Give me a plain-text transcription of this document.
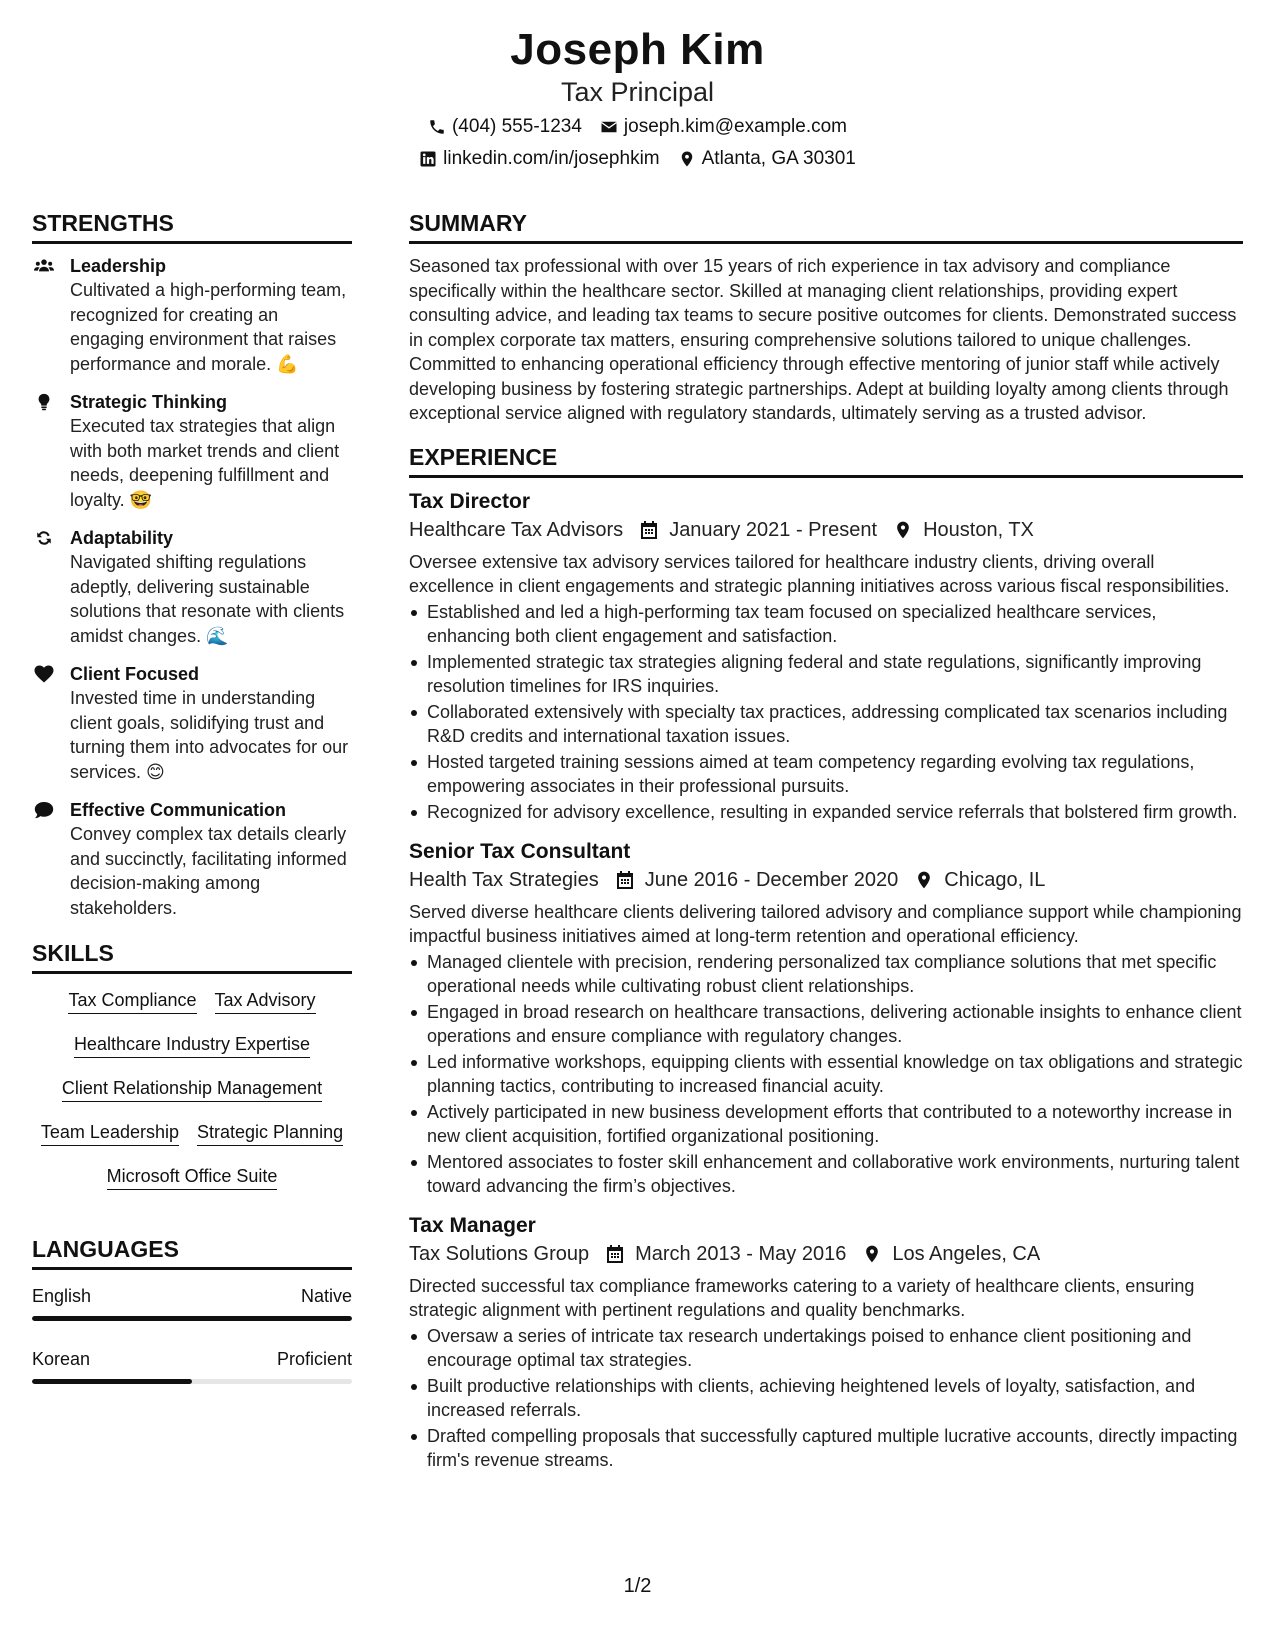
Joseph Kim
Tax Principal
(404) 555-1234 joseph.kim@example.com
linkedin.com/in/josephkim Atlanta, GA 30301
STRENGTHS
Leadership

Cultivated a high-performing team, recognized for creating an engaging environment that raises performance and morale. 💪

Strategic Thinking

Executed tax strategies that align with both market trends and client needs, deepening fulfillment and loyalty. 🤓

Adaptability

Navigated shifting regulations adeptly, delivering sustainable solutions that resonate with clients amidst changes. 🌊

Client Focused

Invested time in understanding client goals, solidifying trust and turning them into advocates for our services. 😊

Effective Communication

Convey complex tax details clearly and succinctly, facilitating informed decision-making among stakeholders.

SKILLS
Tax Compliance Tax Advisory
Healthcare Industry Expertise
Client Relationship Management
Team Leadership Strategic Planning
Microsoft Office Suite
LANGUAGES
English	Native
Korean	Proficient
SUMMARY

Seasoned tax professional with over 15 years of rich experience in tax advisory and compliance specifically within the healthcare sector. Skilled at managing client relationships, providing expert consulting advice, and leading tax teams to secure positive outcomes for clients. Demonstrated success in complex corporate tax matters, ensuring comprehensive solutions tailored to unique challenges. Committed to enhancing operational efficiency through effective mentoring of junior staff while actively developing business by fostering strategic partnerships. Adept at building loyalty among clients through exceptional service aligned with regulatory standards, ultimately serving as a trusted advisor.

EXPERIENCE
Tax Director
Healthcare Tax Advisors January 2021 - Present Houston, TX

Oversee extensive tax advisory services tailored for healthcare industry clients, driving overall excellence in client engagements and strategic planning initiatives across various fiscal responsibilities.

Established and led a high-performing tax team focused on specialized healthcare services, enhancing both client engagement and satisfaction.
Implemented strategic tax strategies aligning federal and state regulations, significantly improving resolution timelines for IRS inquiries.
Collaborated extensively with specialty tax practices, addressing complicated tax scenarios including R&D credits and international taxation issues.
Hosted targeted training sessions aimed at team competency regarding evolving tax regulations, empowering associates in their professional pursuits.
Recognized for advisory excellence, resulting in expanded service referrals that bolstered firm growth.
Senior Tax Consultant
Health Tax Strategies June 2016 - December 2020 Chicago, IL

Served diverse healthcare clients delivering tailored advisory and compliance support while championing impactful business initiatives aimed at long-term retention and operational efficiency.

Managed clientele with precision, rendering personalized tax compliance solutions that met specific operational needs while cultivating robust client relationships.
Engaged in broad research on healthcare transactions, delivering actionable insights to enhance client operations and ensure compliance with regulatory changes.
Led informative workshops, equipping clients with essential knowledge on tax obligations and strategic planning tactics, contributing to increased financial acuity.
Actively participated in new business development efforts that contributed to a noteworthy increase in new client acquisition, fortified organizational positioning.
Mentored associates to foster skill enhancement and collaborative work environments, nurturing talent toward advancing the firm’s objectives.
Tax Manager
Tax Solutions Group March 2013 - May 2016 Los Angeles, CA

Directed successful tax compliance frameworks catering to a variety of healthcare clients, ensuring strategic alignment with pertinent regulations and quality benchmarks.

Oversaw a series of intricate tax research undertakings poised to enhance client positioning and encourage optimal tax strategies.
Built productive relationships with clients, achieving heightened levels of loyalty, satisfaction, and increased referrals.
Drafted compelling proposals that successfully captured multiple lucrative accounts, directly impacting firm's revenue streams.
1/2
